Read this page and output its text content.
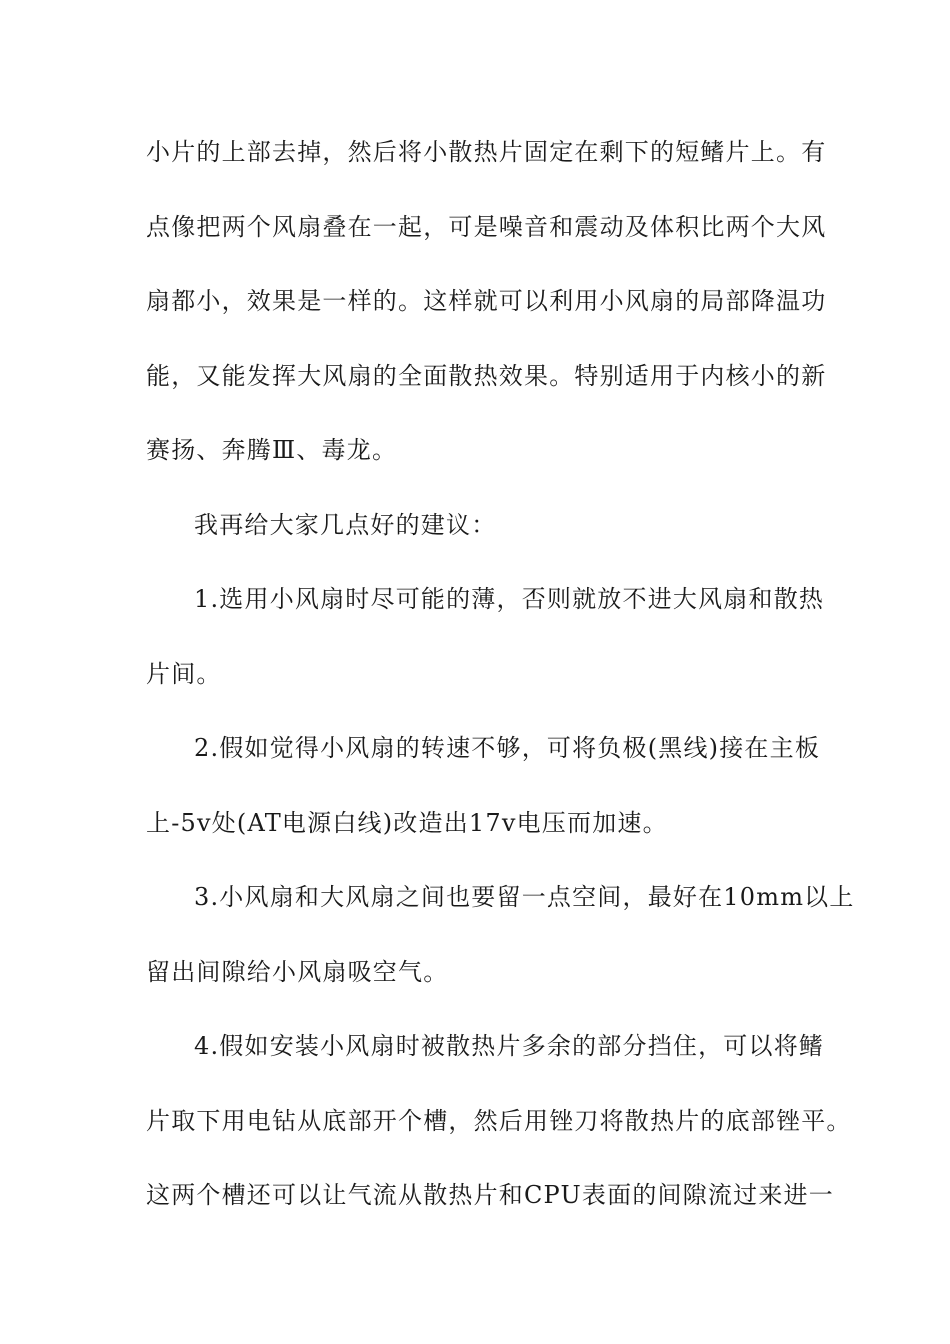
小片的上部去掉，然后将小散热片固定在剩下的短鳍片上。有
点像把两个风扇叠在一起，可是噪音和震动及体积比两个大风
扇都小，效果是一样的。这样就可以利用小风扇的局部降温功
能，又能发挥大风扇的全面散热效果。特别适用于内核小的新
赛扬、奔腾Ⅲ、毒龙。
我再给大家几点好的建议：
1.选用小风扇时尽可能的薄，否则就放不进大风扇和散热
片间。
2.假如觉得小风扇的转速不够，可将负极(黑线)接在主板
上-5v处(AT电源白线)改造出17v电压而加速。
3.小风扇和大风扇之间也要留一点空间，最好在10mm以上
留出间隙给小风扇吸空气。
4.假如安装小风扇时被散热片多余的部分挡住，可以将鳍
片取下用电钻从底部开个槽，然后用锉刀将散热片的底部锉平。
这两个槽还可以让气流从散热片和CPU表面的间隙流过来进一
